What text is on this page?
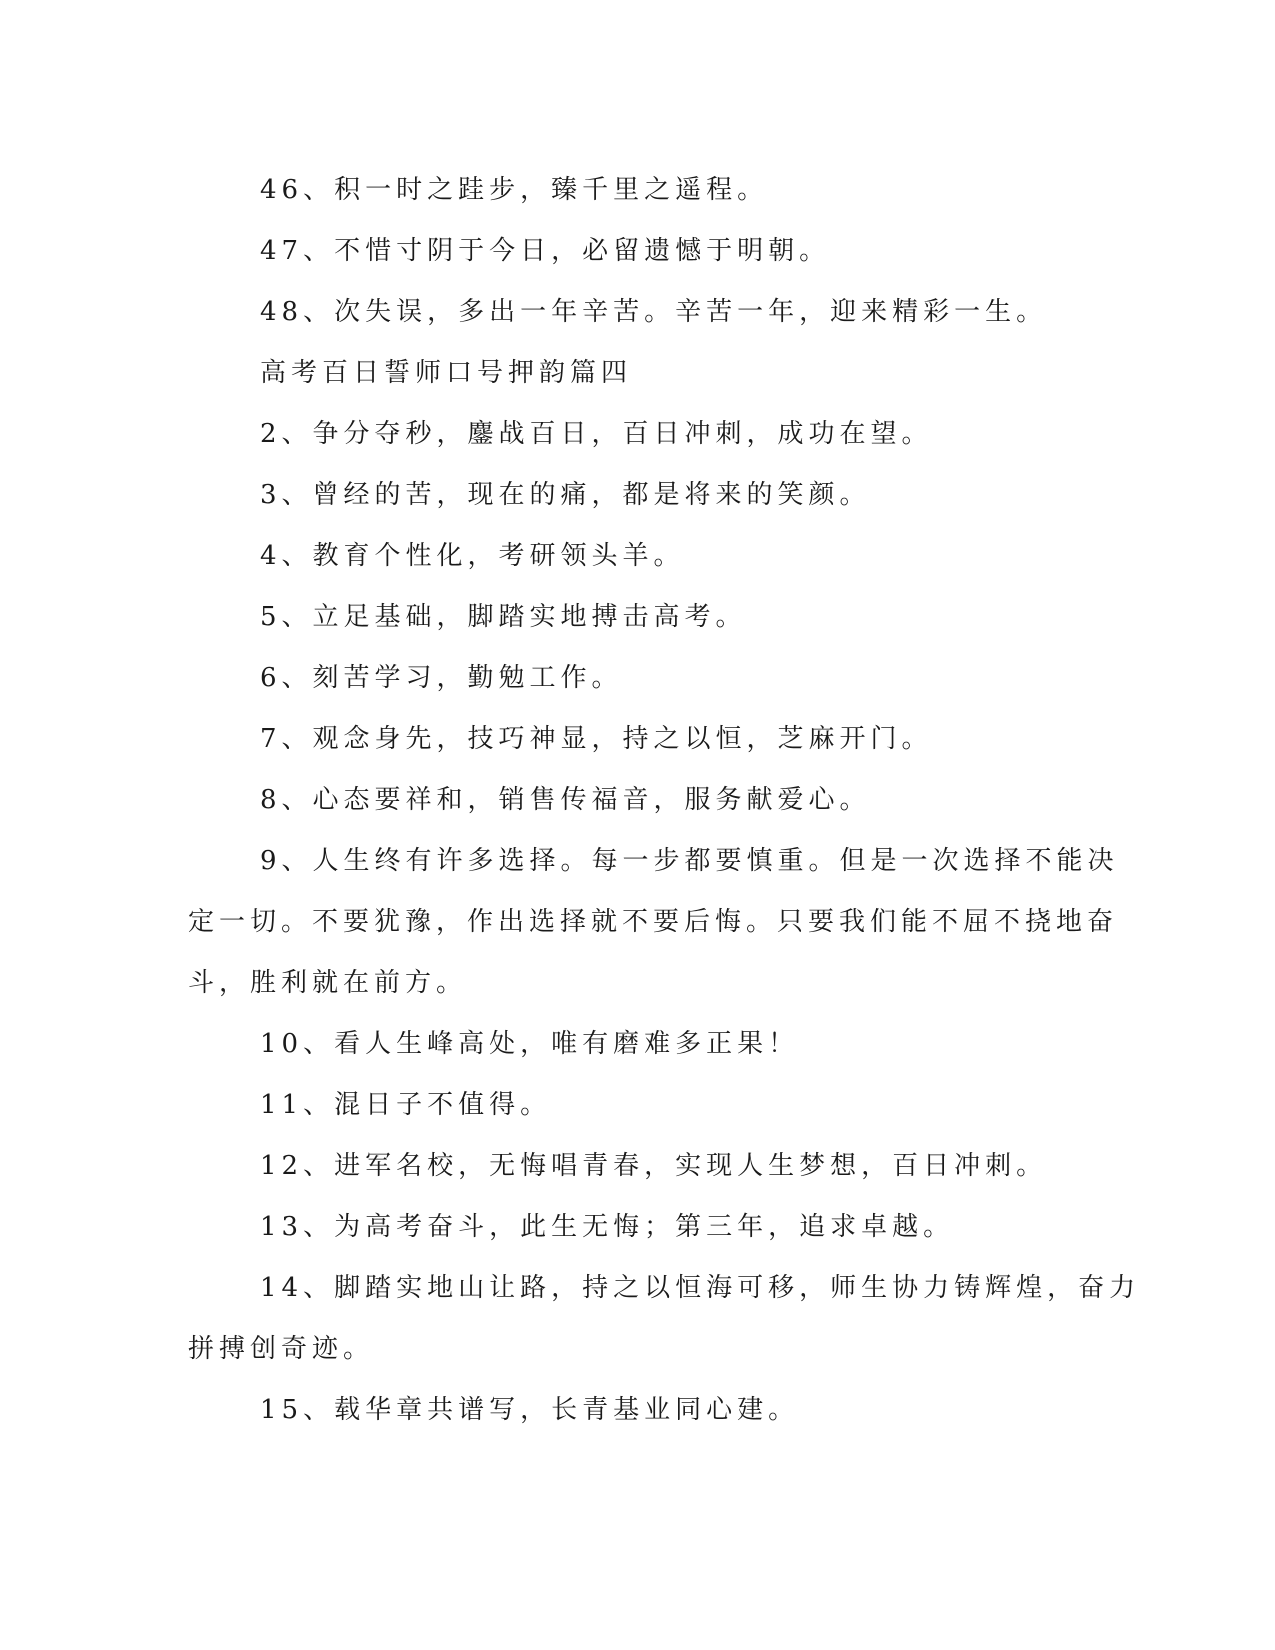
46、积一时之跬步，臻千里之遥程。

47、不惜寸阴于今日，必留遗憾于明朝。

48、次失误，多出一年辛苦。辛苦一年，迎来精彩一生。

高考百日誓师口号押韵篇四

2、争分夺秒，鏖战百日，百日冲刺，成功在望。

3、曾经的苦，现在的痛，都是将来的笑颜。

4、教育个性化，考研领头羊。

5、立足基础，脚踏实地搏击高考。

6、刻苦学习，勤勉工作。

7、观念身先，技巧神显，持之以恒，芝麻开门。

8、心态要祥和，销售传福音，服务献爱心。

9、人生终有许多选择。每一步都要慎重。但是一次选择不能决

定一切。不要犹豫，作出选择就不要后悔。只要我们能不屈不挠地奋

斗，胜利就在前方。

10、看人生峰高处，唯有磨难多正果！

11、混日子不值得。

12、进军名校，无悔唱青春，实现人生梦想，百日冲刺。

13、为高考奋斗，此生无悔；第三年，追求卓越。

14、脚踏实地山让路，持之以恒海可移，师生协力铸辉煌，奋力

拼搏创奇迹。

15、载华章共谱写，长青基业同心建。
